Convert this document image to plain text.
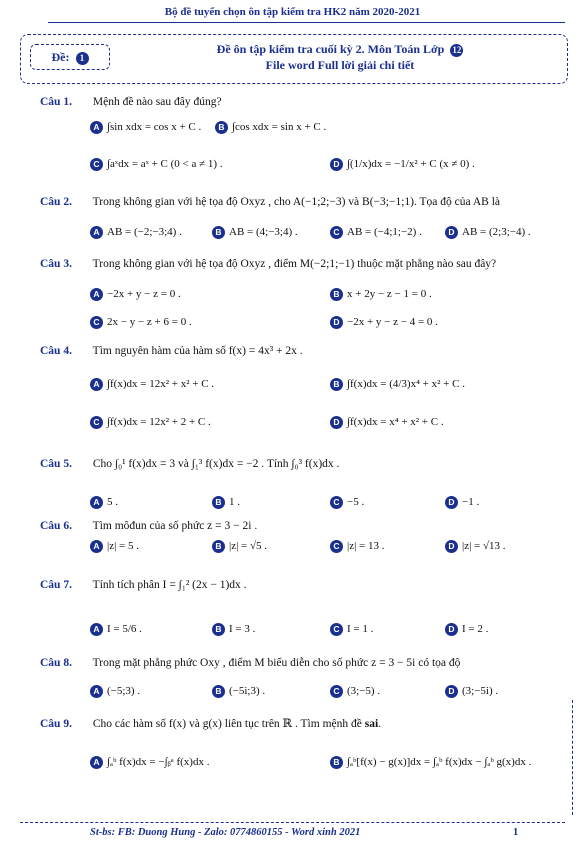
Bộ đề tuyển chọn ôn tập kiểm tra HK2 năm 2020-2021
Đề: 1
Đề ôn tập kiểm tra cuối kỳ 2. Môn Toán Lớp 12
File word Full lời giải chi tiết
Câu 1. Mệnh đề nào sau đây đúng?
A ∫sin xdx = cos x + C .	B ∫cos xdx = sin x + C .
C ∫aˣdx = aˣ + C (0 < a ≠ 1) .	D ∫(1/x)dx = −1/x² + C (x ≠ 0) .
Câu 2. Trong không gian với hệ tọa độ Oxyz , cho A(−1;2;−3) và B(−3;−1;1). Tọa độ của AB là
A AB = (−2;−3;4) .	B AB = (4;−3;4) .	C AB = (−4;1;−2) .	D AB = (2;3;−4) .
Câu 3. Trong không gian với hệ tọa độ Oxyz , điểm M(−2;1;−1) thuộc mặt phẳng nào sau đây?
A −2x + y − z = 0 .	B x + 2y − z − 1 = 0 .
C 2x − y − z + 6 = 0 .	D −2x + y − z − 4 = 0 .
Câu 4. Tìm nguyên hàm của hàm số f(x) = 4x³ + 2x .
A ∫f(x)dx = 12x² + x² + C .	B ∫f(x)dx = (4/3)x⁴ + x² + C .
C ∫f(x)dx = 12x² + 2 + C .	D ∫f(x)dx = x⁴ + x² + C .
Câu 5. Cho ∫₀¹ f(x)dx = 3 và ∫₁³ f(x)dx = −2 . Tính ∫₀³ f(x)dx .
A 5 .	B 1 .	C −5 .	D −1 .
Câu 6. Tìm môđun của số phức z = 3 − 2i .
A |z| = 5 .	B |z| = √5 .	C |z| = 13 .	D |z| = √13 .
Câu 7. Tính tích phân I = ∫₁² (2x − 1)dx .
A I = 5/6 .	B I = 3 .	C I = 1 .	D I = 2 .
Câu 8. Trong mặt phẳng phức Oxy , điểm M biểu diễn cho số phức z = 3 − 5i có tọa độ
A (−5;3) .	B (−5i;3) .	C (3;−5) .	D (3;−5i) .
Câu 9. Cho các hàm số f(x) và g(x) liên tục trên ℝ . Tìm mệnh đề sai.
A ∫ₐᵇ f(x)dx = −∫ᵦᵃ f(x)dx .	B ∫ₐᵇ[f(x) − g(x)]dx = ∫ₐᵇ f(x)dx − ∫ₐᵇ g(x)dx .
St-bs: FB: Duong Hung - Zalo: 0774860155 - Word xinh 2021	1
